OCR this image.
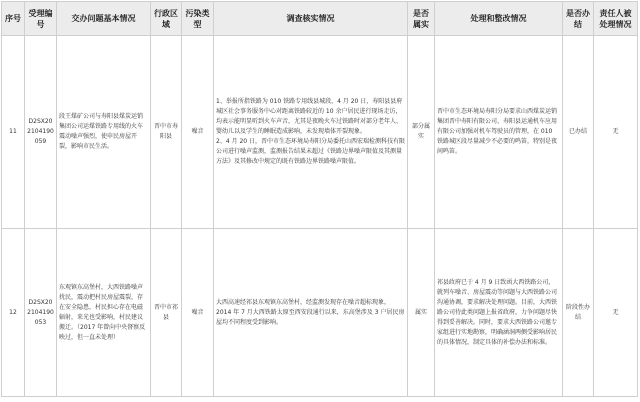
序号	受理编号	交办问题基本情况	行政区域	污染类型	调查核实情况	是否属实	处理和整改情况	是否办结	责任人被处理情况
11	D2SX202104190059	段王煤矿公司与寿阳县煤炭运销集团公司运煤铁路专用线的火车震动噪声强烈，使申民房屋开裂，影响市民生活。	晋中市寿阳县	噪音	1、举报所指铁路为 010 铁路专用线县城段，4 月 20 日，寿阳县县府城区社会事务服务中心对距离铁路较近的 10 余户居民进行现场走访，均表示能明显听到火车声音，尤其是夜晚火车过铁路时对部分老年人、婴幼儿以及学生的睡眠造成影响，未发现墙体开裂现象。
2、4 月 20 日，晋中市生态环境局寿阳分局委托山西宏瑞检测科技有限公司进行噪声监测，监测报告结果未超过《铁路边界噪声限值及其测量方法》及其修改中规定的既有铁路边界铁路噪声限值。	部分属实	晋中市生态环境局寿阳分局要求山西煤炭运销集团晋中寿阳有限公司、寿阳县运通机车应用有限公司加强对机车驾驶员的管理，在 010 铁路城区段尽量减少不必要的鸣笛，特别是夜间鸣笛。	已办结	无
12	D2SX202104190053	东观镇东高堡村，大西铁路噪声扰民，震动把村民房屋震裂，存在安全隐患，村民担心存在电磁辐射，来光也受影响，村民建议搬迁。（2017 年曾向中央督察反映过，但一直未处理）	晋中市祁县	噪音	大西高速经祁县东观镇东高堡村，经监测发现存在噪音超标现象，2014 年 7 月大西铁路太原至西安段通行以来，东高堡涉及 3 户居民房屋均不同程度受到影响。	属实	祁县政府已于 4 月 9 日致函大西铁路公司，就列车噪音、房屋震动等问题与大西铁路公司沟通协调，要求解决处理问题。目前，大西铁路公司待此类问题上报省政府，力争问题尽快得到妥善解决。同时，要求大西铁路公司邀专家组进行实地勘察，明确涵洞两侧受影响居民的具体情况，制定具体的补偿办法和标准。	阶段性办结	无
